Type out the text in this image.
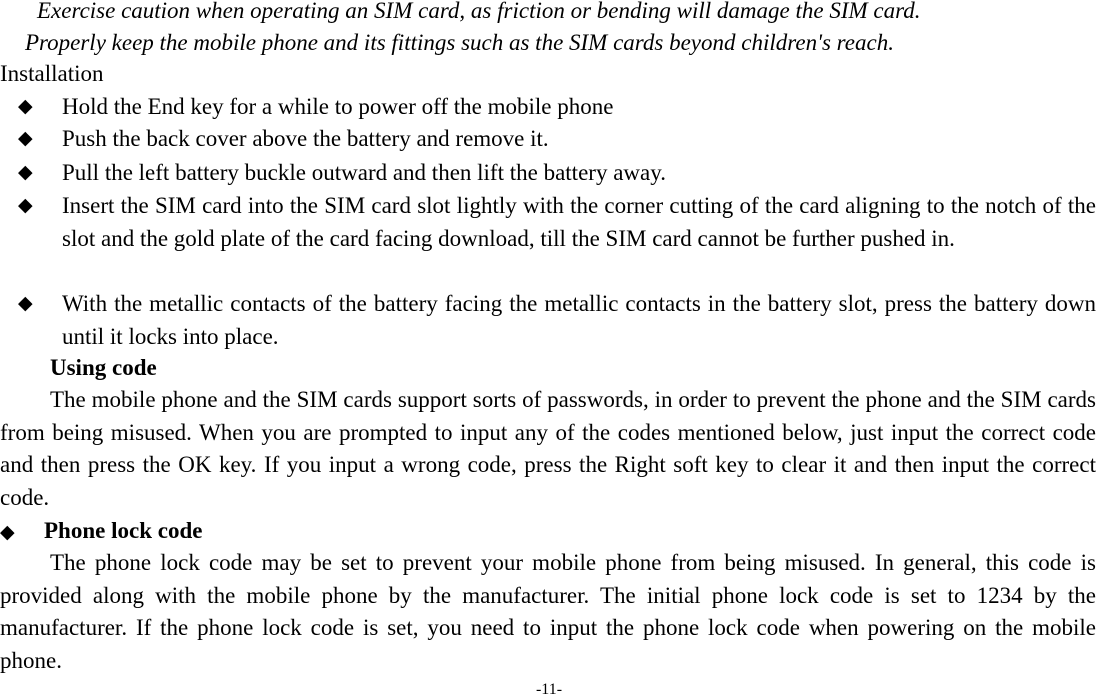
Exercise caution when operating an SIM card, as friction or bending will damage the SIM card.
Properly keep the mobile phone and its fittings such as the SIM cards beyond children's reach.
Installation
◆	Hold the End key for a while to power off the mobile phone
◆	Push the back cover above the battery and remove it.
◆	Pull the left battery buckle outward and then lift the battery away.
◆	Insert the SIM card into the SIM card slot lightly with the corner cutting of the card aligning to the notch of the slot and the gold plate of the card facing download, till the SIM card cannot be further pushed in.
◆	With the metallic contacts of the battery facing the metallic contacts in the battery slot, press the battery down until it locks into place.
Using code
The mobile phone and the SIM cards support sorts of passwords, in order to prevent the phone and the SIM cards from being misused. When you are prompted to input any of the codes mentioned below, just input the correct code and then press the OK key. If you input a wrong code, press the Right soft key to clear it and then input the correct code.
◆ Phone lock code
The phone lock code may be set to prevent your mobile phone from being misused. In general, this code is provided along with the mobile phone by the manufacturer. The initial phone lock code is set to 1234 by the manufacturer. If the phone lock code is set, you need to input the phone lock code when powering on the mobile phone.
-11-
